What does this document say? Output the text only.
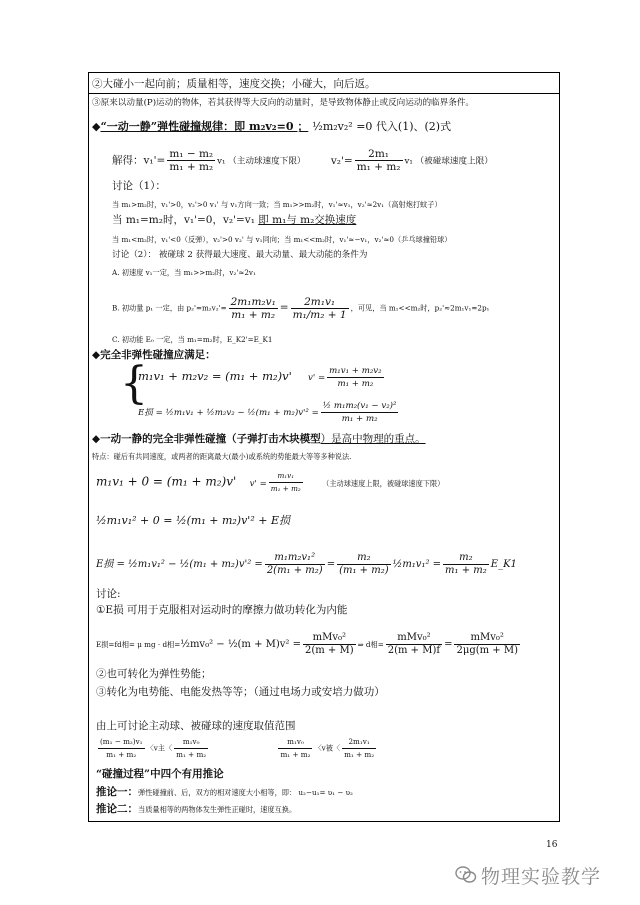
②大碰小一起向前；质量相等，速度交换；小碰大，向后返。
③原来以动量(P)运动的物体，若其获得等大反向的动量时，是导致物体静止或反向运动的临界条件。
◆“一动一静”弹性碰撞规律：即 m₂v₂=0 ； ½m₂v₂² =0 代入(1)、(2)式
解得：$v_1'= \frac{\text{m₁ − m₂}}{\text{m₁ + m₂}} v_1$ （主动球速度下限） $v_2'= \frac{\text{2m₁}}{\text{m₁ + m₂}} v_1$ （被碰球速度上限）
讨论（1）：
当 m₁>m₂时，v₁'>0，v₂'>0 v₁' 与 v₁方向一致；当 m₁>>m₂时，v₁'≈v₁，v₂'≈2v₁（高射炮打蚊子）
当 m₁=m₂时，v₁'=0，v₂'=v₁ 即 m₁与 m₂交换速度
当 m₁<m₂时，v₁'<0（反弹），v₂'>0 v₂' 与 v₁同向；当 m₁<<m₂时，v₁'≈−v₁，v₂'≈0（乒乓球撞铅球）
讨论（2）： 被碰球 2 获得最大速度、最大动量、最大动能的条件为
A. 初速度 v₁一定，当 m₁>>m₂时，v₂'≈2v₁
B. 初动量 p₁ 一定，由 $p_2'=m_2v_2'= \frac{\text{2m₁m₂v₁}}{\text{m₁ + m₂}} = \frac{\text{2m₁v₁}}{\text{m₁/m₂ + 1}}$ ，可见，当 m₁<<m₂时，p₂'≈2m₁v₁=2p₁
C. 初动能 E₀ 一定，当 m₁=m₂时，E_K2'=E_K1
◆完全非弹性碰撞应满足：
{
m₁v₁ + m₂v₂ = (m₁ + m₂)v' $v' = \frac{\text{m₁v₁ + m₂v₂}}{\text{m₁ + m₂}}$
E损 = ½m₁v₁ + ½m₂v₂ − ½(m₁ + $m_2)v'^2 = \frac{\text{½ m₁m₂(v₁ − v₂)²}}{\text{m₁ + m₂}}$
◆一动一静的完全非弹性碰撞（子弹打击木块模型）是高中物理的重点。
特点：碰后有共同速度，或两者的距离最大(最小)或系统的势能最大等等多种说法.
m₁v₁ + 0 = (m₁ + m₂)v' $v' = \frac{\text{m₁v₁}}{\text{m₁ + m₂}}$	（主动球速度上限，被碰球速度下限）
½m₁v₁² + 0 = ½(m₁ + m₂)v'² + E损
E损 = ½m₁v₁² − ½(m₁ + $m_2)v'^2 = \frac{\text{m₁m₂v₁²}}{\text{2(m₁ + m₂)}} = \frac{\text{m₂}}{\text{(m₁ + m₂)}}$ ½m₁v₁² = $\frac{\text{m₂}}{\text{m₁ + m₂}}$ E_K1
讨论:
①E损 可用于克服相对运动时的摩擦力做功转化为内能
E损=fd相= μ mg · d相=½mv₀² − ½(m + $M)v^2 = \frac{\text{mMv₀²}}{2(m + M)}$ ⇒ d相= $\frac{\text{mMv₀²}}{2(m + M)f} = \frac{\text{mMv₀²}}{2\mu g(m + M)}$
②也可转化为弹性势能；
③转化为电势能、电能发热等等；（通过电场力或安培力做功）
由上可讨论主动球、被碰球的速度取值范围
$\frac{\text{(m₁ − m₂)v₁}}{\text{m₁ + m₂}}$ 〈v主〈 $\frac{\text{m₁v₀}}{\text{m₁ + m₂}}$
	$\frac{\text{m₁v₀}}{\text{m₁ + m₂}}$ 〈v被〈 $\frac{\text{2m₁v₁}}{\text{m₁ + m₂}}$
“碰撞过程”中四个有用推论
推论一：弹性碰撞前、后，双方的相对速度大小相等，即： u₂−u₁= υ₁ − υ₂
推论二：当质量相等的两物体发生弹性正碰时，速度互换。
16
物理实验教学
